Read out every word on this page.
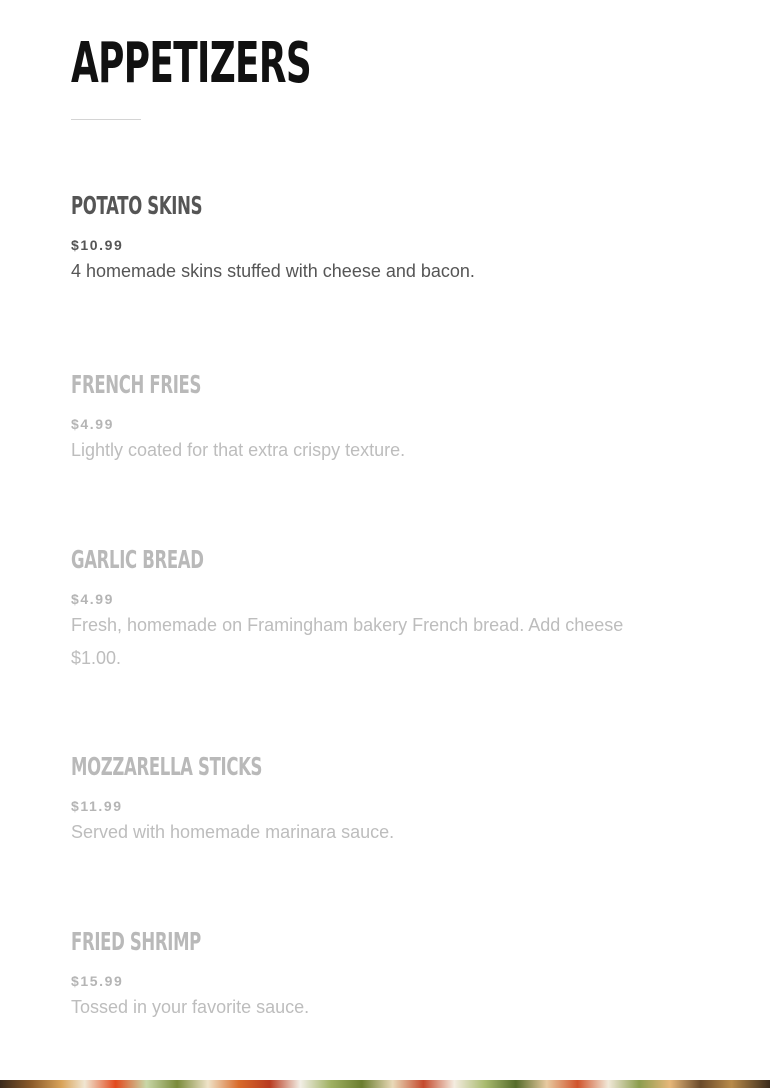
APPETIZERS
POTATO SKINS
$10.99
4 homemade skins stuffed with cheese and bacon.
FRENCH FRIES
$4.99
Lightly coated for that extra crispy texture.
GARLIC BREAD
$4.99
Fresh, homemade on Framingham bakery French bread. Add cheese $1.00.
MOZZARELLA STICKS
$11.99
Served with homemade marinara sauce.
FRIED SHRIMP
$15.99
Tossed in your favorite sauce.
